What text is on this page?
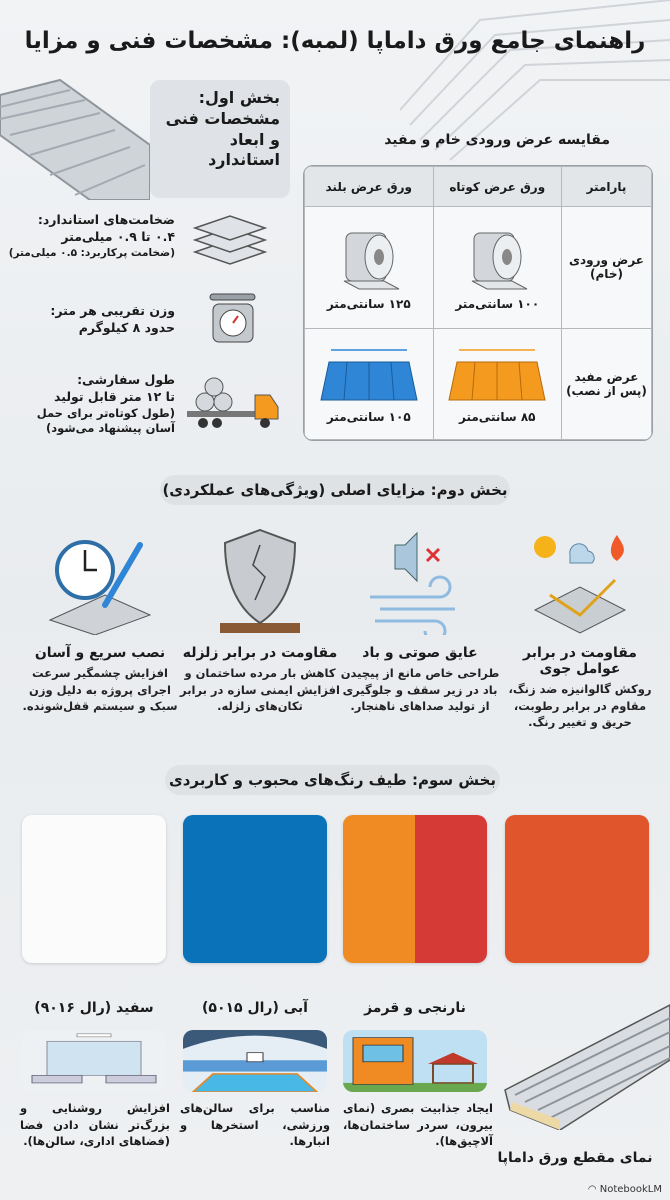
راهنمای جامع ورق داماپا (لمبه): مشخصات فنی و مزایا
بخش اول: مشخصات فنی و ابعاد استاندارد
ضخامت‌های استاندارد:
۰.۴ تا ۰.۹ میلی‌متر
(ضخامت پرکاربرد: ۰.۵ میلی‌متر)
وزن تقریبی هر متر:
حدود ۸ کیلوگرم
طول سفارشی:
تا ۱۲ متر قابل تولید
(طول کوتاه‌تر برای حمل آسان پیشنهاد می‌شود)
مقایسه عرض ورودی خام و مفید
پارامتر	ورق عرض کوتاه	ورق عرض بلند
عرض ورودی (خام)	۱۰۰ سانتی‌متر	۱۲۵ سانتی‌متر

عرض مفید (پس از نصب)	۸۵ سانتی‌متر	۱۰۵ سانتی‌متر
بخش دوم: مزایای اصلی (ویژگی‌های عملکردی)
مقاومت در برابر عوامل جوی
روکش گالوانیزه ضد زنگ، مقاوم در برابر رطوبت، حریق و تغییر رنگ.
عایق صوتی و باد
طراحی خاص مانع از پیچیدن باد در زیر سقف و جلوگیری از تولید صداهای ناهنجار.
مقاومت در برابر زلزله
کاهش بار مرده ساختمان و افزایش ایمنی سازه در برابر تکان‌های زلزله.
نصب سریع و آسان
افزایش چشمگیر سرعت اجرای پروژه به دلیل وزن سبک و سیستم قفل‌شونده.
بخش سوم: طیف رنگ‌های محبوب و کاربردی
نارنجی و قرمز
آبی (رال ۵۰۱۵)
سفید (رال ۹۰۱۶)
ایجاد جذابیت بصری (نمای بیرون، سردر ساختمان‌ها، آلاچیق‌ها).
مناسب برای سالن‌های ورزشی، استخرها و انبارها.
افزایش روشنایی و بزرگ‌تر نشان دادن فضا (فضاهای اداری، سالن‌ها).
نمای مقطع ورق داماپا
◠ NotebookLM
